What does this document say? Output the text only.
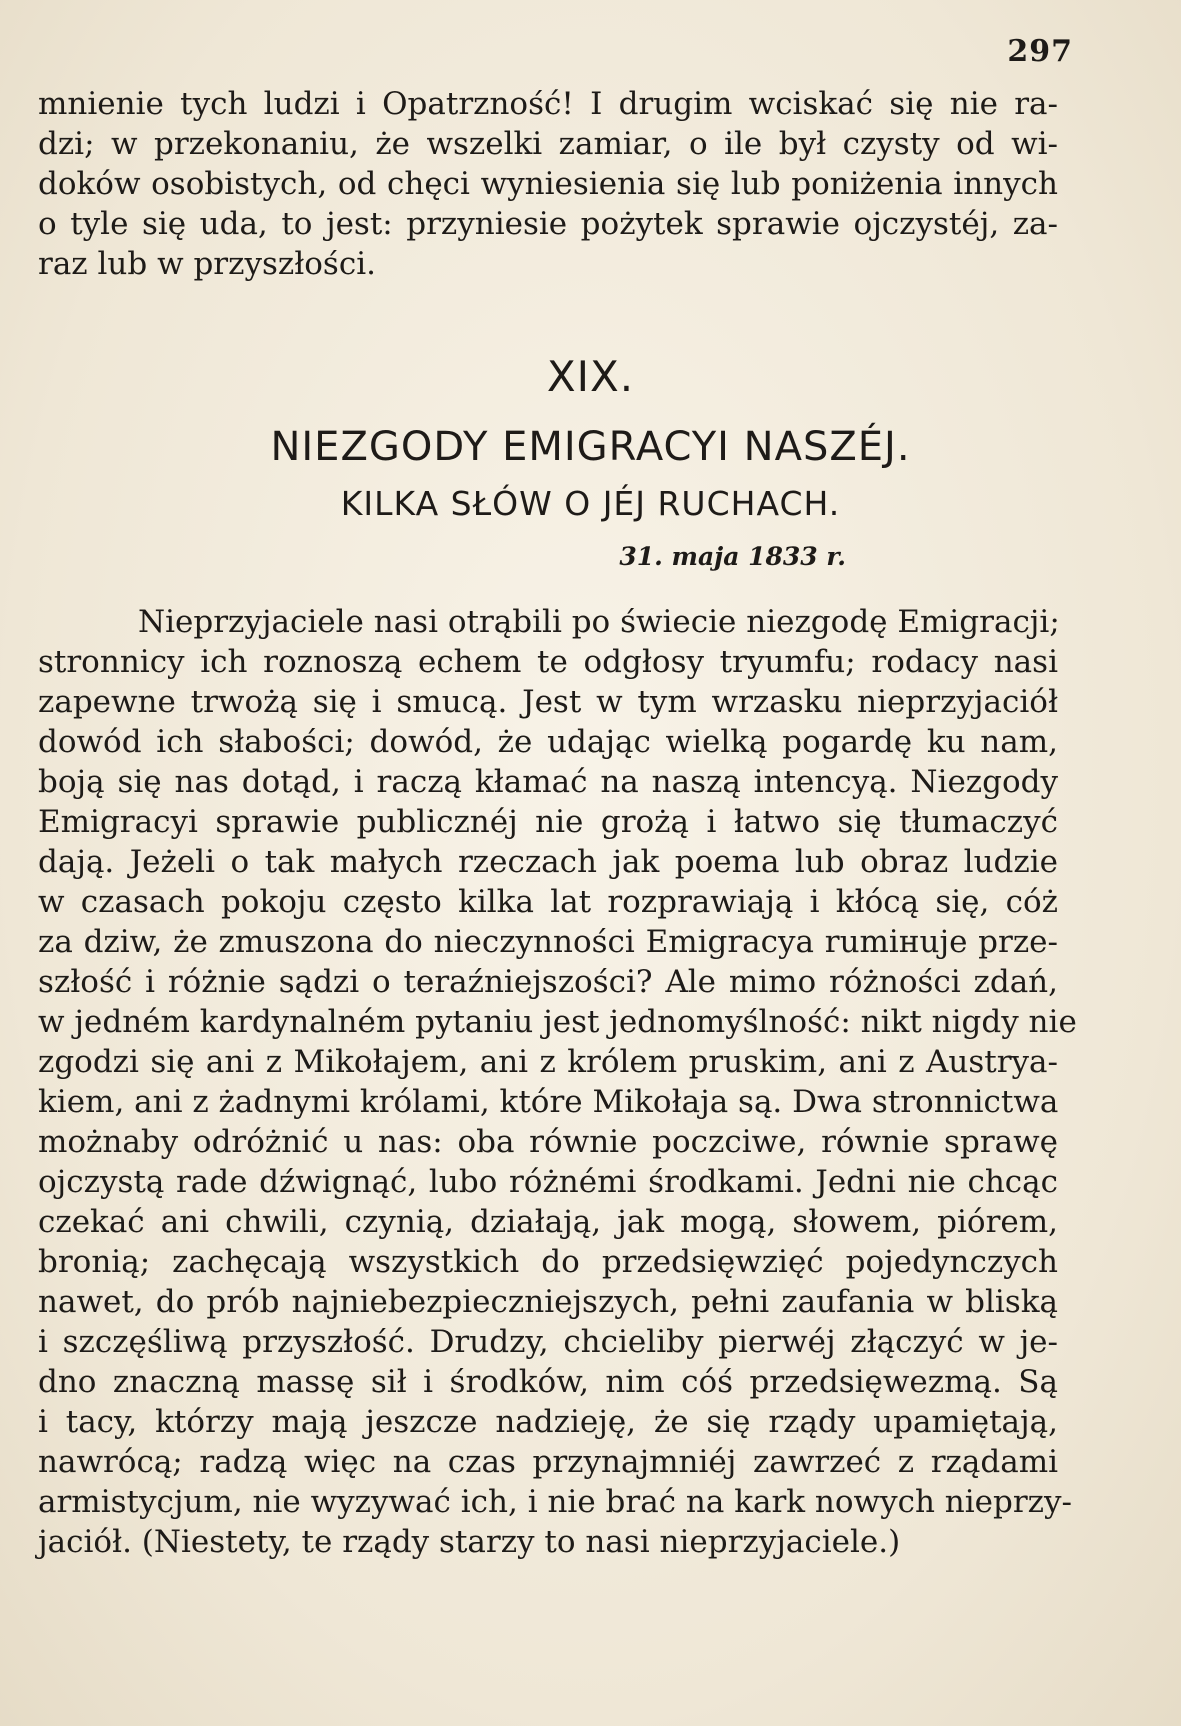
297
mnienie tych ludzi i Opatrzność! I drugim wciskać się nie ra-
dzi; w przekonaniu, że wszelki zamiar, o ile był czysty od wi-
doków osobistych, od chęci wyniesienia się lub poniżenia innych
o tyle się uda, to jest: przyniesie pożytek sprawie ojczystéj, za-
raz lub w przyszłości.
XIX.
NIEZGODY EMIGRACYI NASZÉJ.
KILKA SŁÓW O JÉJ RUCHACH.
31. maja 1833 r.
Nieprzyjaciele nasi otrąbili po świecie niezgodę Emigracji;
stronnicy ich roznoszą echem te odgłosy tryumfu; rodacy nasi
zapewne trwożą się i smucą. Jest w tym wrzasku nieprzyjaciół
dowód ich słabości; dowód, że udając wielką pogardę ku nam,
boją się nas dotąd, i raczą kłamać na naszą intencyą. Niezgody
Emigracyi sprawie publicznéj nie grożą i łatwo się tłumaczyć
dają. Jeżeli o tak małych rzeczach jak poema lub obraz ludzie
w czasach pokoju często kilka lat rozprawiają i kłócą się, cóż
za dziw, że zmuszona do nieczynności Emigracya rumінuje prze-
szłość i różnie sądzi o teraźniejszości? Ale mimo różności zdań,
w jedném kardynalném pytaniu jest jednomyślność: nikt nigdy nie
zgodzi się ani z Mikołajem, ani z królem pruskim, ani z Austrya-
kiem, ani z żadnymi królami, które Mikołaja są. Dwa stronnictwa
możnaby odróżnić u nas: oba równie poczciwe, równie sprawę
ojczystą rade dźwignąć, lubo różnémi środkami. Jedni nie chcąc
czekać ani chwili, czynią, działają, jak mogą, słowem, piórem,
bronią; zachęcają wszystkich do przedsięwzięć pojedynczych
nawet, do prób najniebezpieczniejszych, pełni zaufania w bliską
i szczęśliwą przyszłość. Drudzy, chcieliby pierwéj złączyć w je-
dno znaczną massę sił i środków, nim cóś przedsięwezmą. Są
i tacy, którzy mają jeszcze nadzieję, że się rządy upamiętają,
nawrócą; radzą więc na czas przynajmniéj zawrzeć z rządami
armistycjum, nie wyzywać ich, i nie brać na kark nowych nieprzy-
jaciół. (Niestety, te rządy starzy to nasi nieprzyjaciele.)
